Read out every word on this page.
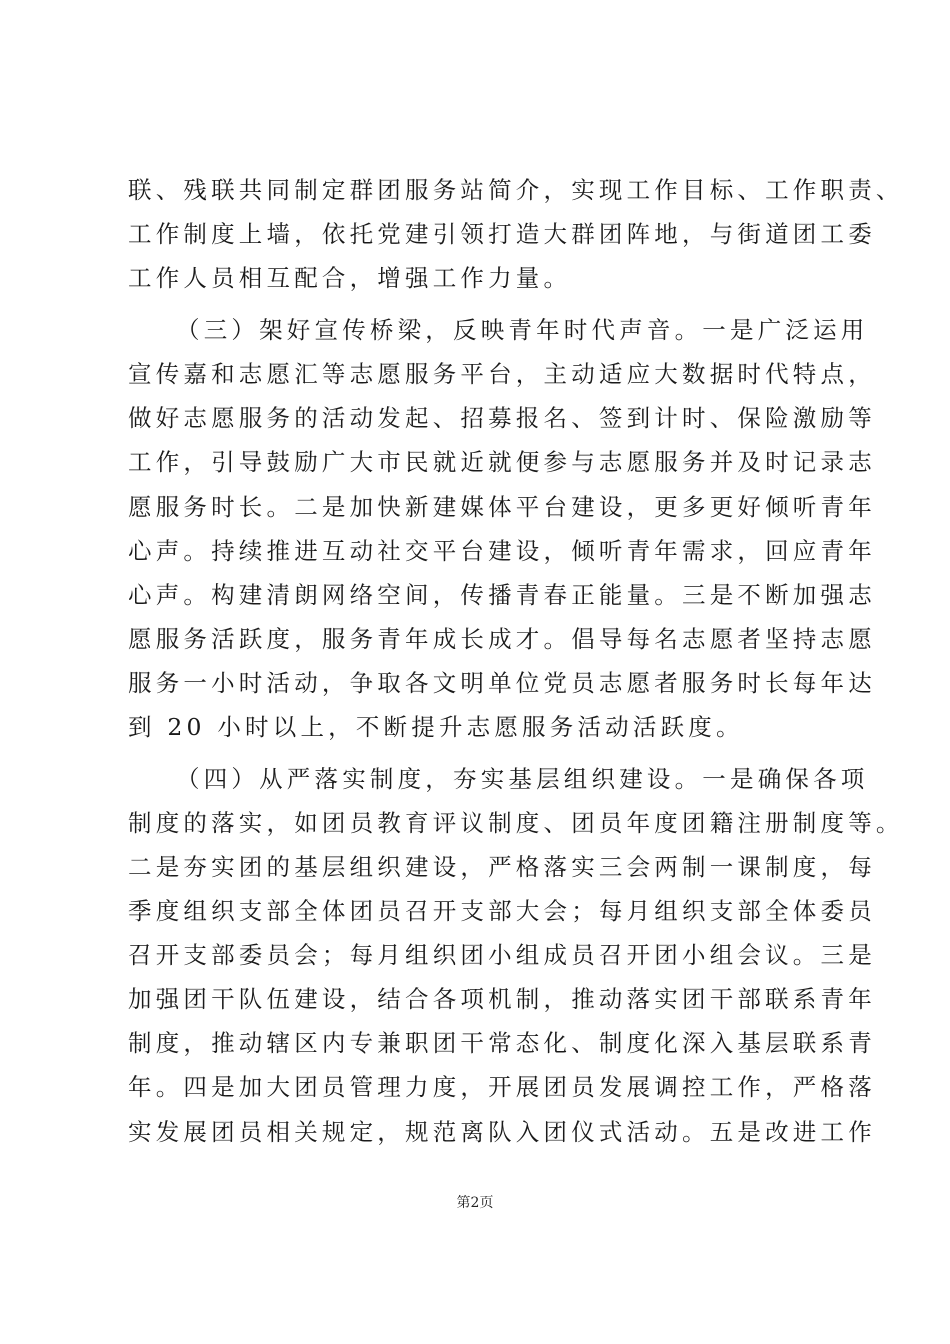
联、残联共同制定群团服务站简介，实现工作目标、工作职责、
工作制度上墙，依托党建引领打造大群团阵地，与街道团工委
工作人员相互配合，增强工作力量。
（三）架好宣传桥梁，反映青年时代声音。一是广泛运用
宣传嘉和志愿汇等志愿服务平台，主动适应大数据时代特点，
做好志愿服务的活动发起、招募报名、签到计时、保险激励等
工作，引导鼓励广大市民就近就便参与志愿服务并及时记录志
愿服务时长。二是加快新建媒体平台建设，更多更好倾听青年
心声。持续推进互动社交平台建设，倾听青年需求，回应青年
心声。构建清朗网络空间，传播青春正能量。三是不断加强志
愿服务活跃度，服务青年成长成才。倡导每名志愿者坚持志愿
服务一小时活动，争取各文明单位党员志愿者服务时长每年达
到 20 小时以上，不断提升志愿服务活动活跃度。
（四）从严落实制度，夯实基层组织建设。一是确保各项
制度的落实，如团员教育评议制度、团员年度团籍注册制度等。
二是夯实团的基层组织建设，严格落实三会两制一课制度，每
季度组织支部全体团员召开支部大会；每月组织支部全体委员
召开支部委员会；每月组织团小组成员召开团小组会议。三是
加强团干队伍建设，结合各项机制，推动落实团干部联系青年
制度，推动辖区内专兼职团干常态化、制度化深入基层联系青
年。四是加大团员管理力度，开展团员发展调控工作，严格落
实发展团员相关规定，规范离队入团仪式活动。五是改进工作
第2页
